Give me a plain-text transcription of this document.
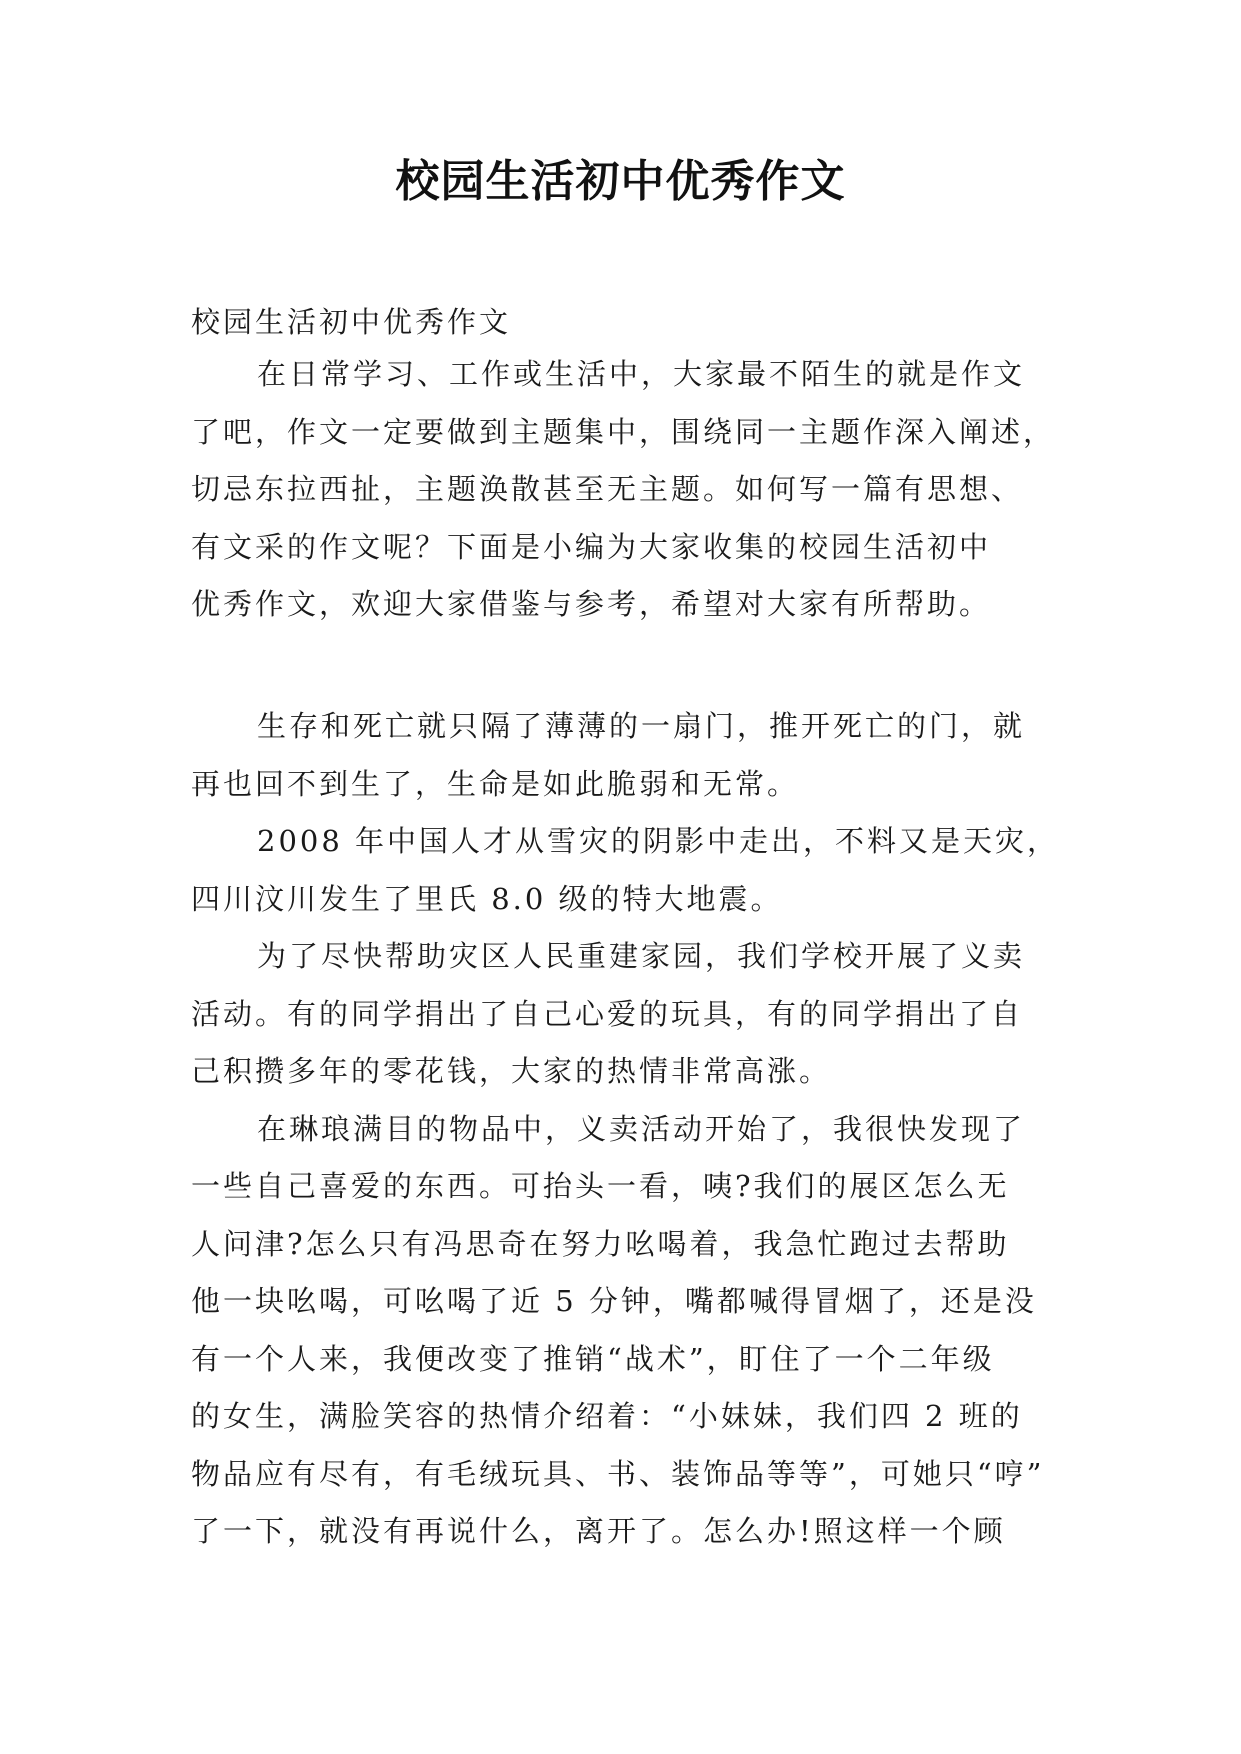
校园生活初中优秀作文
校园生活初中优秀作文
在日常学习、工作或生活中，大家最不陌生的就是作文
了吧，作文一定要做到主题集中，围绕同一主题作深入阐述，
切忌东拉西扯，主题涣散甚至无主题。如何写一篇有思想、
有文采的作文呢？下面是小编为大家收集的校园生活初中
优秀作文，欢迎大家借鉴与参考，希望对大家有所帮助。
生存和死亡就只隔了薄薄的一扇门，推开死亡的门，就
再也回不到生了，生命是如此脆弱和无常。
2008 年中国人才从雪灾的阴影中走出，不料又是天灾，
四川汶川发生了里氏 8.0 级的特大地震。
为了尽快帮助灾区人民重建家园，我们学校开展了义卖
活动。有的同学捐出了自己心爱的玩具，有的同学捐出了自
己积攒多年的零花钱，大家的热情非常高涨。
在琳琅满目的物品中，义卖活动开始了，我很快发现了
一些自己喜爱的东西。可抬头一看，咦?我们的展区怎么无
人问津?怎么只有冯思奇在努力吆喝着，我急忙跑过去帮助
他一块吆喝，可吆喝了近 5 分钟，嘴都喊得冒烟了，还是没
有一个人来，我便改变了推销“战术”，盯住了一个二年级
的女生，满脸笑容的热情介绍着：“小妹妹，我们四 2 班的
物品应有尽有，有毛绒玩具、书、装饰品等等”，可她只“哼”
了一下，就没有再说什么，离开了。怎么办!照这样一个顾
